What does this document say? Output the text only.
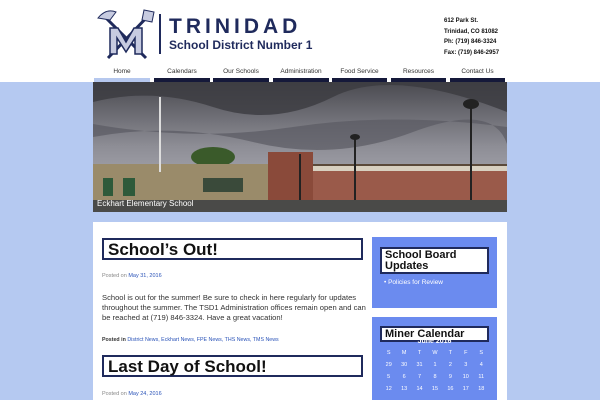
TRINIDAD
School District Number 1
612 Park St.
Trinidad, CO 81082
Ph: (719) 846-3324
Fax: (719) 846-2957
Home	Calendars	Our Schools	Administration	Food Service	Resources	Contact Us
Eckhart Elementary School
School’s Out!
Posted on May 31, 2016
School is out for the summer! Be sure to check in here regularly for updates throughout the summer. The TSD1 Administration offices remain open and can be reached at (719) 846-3324. Have a great vacation!
Posted in District News, Eckhart News, FPE News, THS News, TMS News
Last Day of School!
Posted on May 24, 2016
School Board Updates
• Policies for Review
Miner Calendar
June 2016
S	M	T	W	T	F	S
29	30	31	1	2	3	4
5	6	7	8	9	10	11
12	13	14	15	16	17	18
